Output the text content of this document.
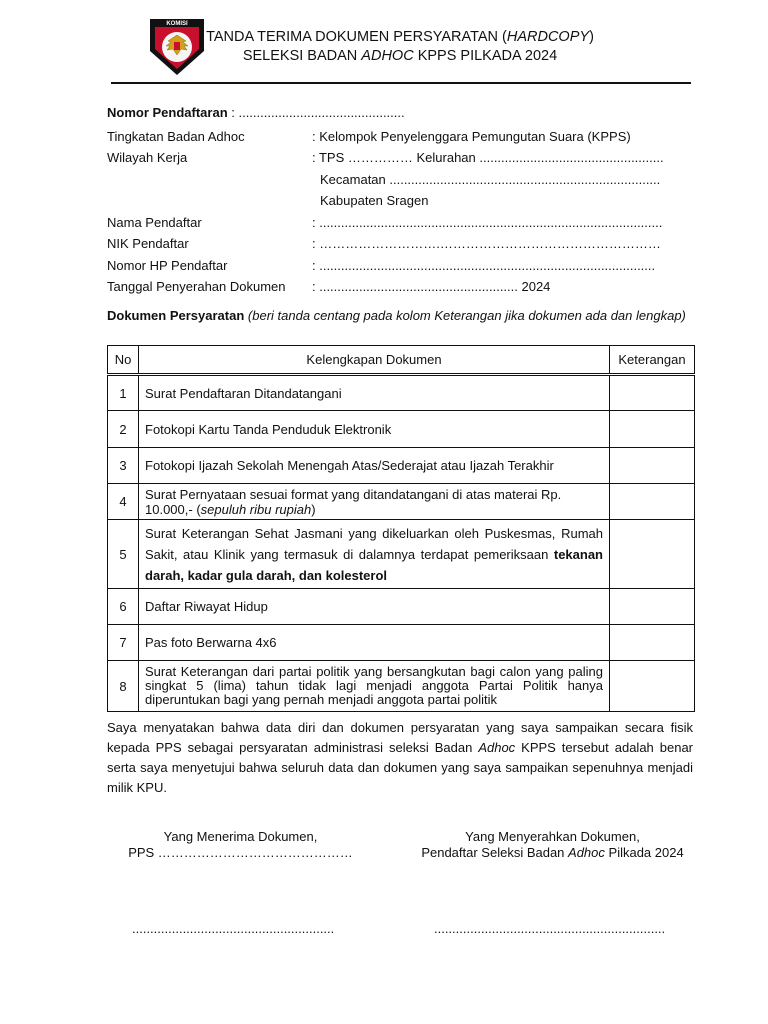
KOMISI
TANDA TERIMA DOKUMEN PERSYARATAN (HARDCOPY)
SELEKSI BADAN ADHOC KPPS PILKADA 2024
Nomor Pendaftaran : ..............................................
Tingkatan Badan Adhoc	: Kelompok Penyelenggara Pemungutan Suara (KPPS)
Wilayah Kerja	: TPS …………… Kelurahan ...................................................
Kecamatan ...........................................................................
Kabupaten Sragen
Nama Pendaftar	: ...............................................................................................
NIK Pendaftar	: ……………………….……………………………………………
Nomor HP Pendaftar	: .............................................................................................
Tanggal Penyerahan Dokumen : ....................................................... 2024
Dokumen Persyaratan (beri tanda centang pada kolom Keterangan jika dokumen ada dan lengkap)
No	Kelengkapan Dokumen	Keterangan
1	Surat Pendaftaran Ditandatangani	
2	Fotokopi Kartu Tanda Penduduk Elektronik	
3	Fotokopi Ijazah Sekolah Menengah Atas/Sederajat atau Ijazah Terakhir	
4	Surat Pernyataan sesuai format yang ditandatangani di atas materai Rp. 10.000,- (sepuluh ribu rupiah)	
5	Surat Keterangan Sehat Jasmani yang dikeluarkan oleh Puskesmas, Rumah Sakit, atau Klinik yang termasuk di dalamnya terdapat pemeriksaan tekanan darah, kadar gula darah, dan kolesterol	
6	Daftar Riwayat Hidup	
7	Pas foto Berwarna 4x6	
8	Surat Keterangan dari partai politik yang bersangkutan bagi calon yang paling singkat 5 (lima) tahun tidak lagi menjadi anggota Partai Politik hanya diperuntukan bagi yang pernah menjadi anggota partai politik	
Saya menyatakan bahwa data diri dan dokumen persyaratan yang saya sampaikan secara fisik kepada PPS sebagai persyaratan administrasi seleksi Badan Adhoc KPPS tersebut adalah benar serta saya menyetujui bahwa seluruh data dan dokumen yang saya sampaikan sepenuhnya menjadi milik KPU.
Yang Menerima Dokumen,
PPS ………………………………………
Yang Menyerahkan Dokumen,
Pendaftar Seleksi Badan Adhoc Pilkada 2024
........................................................	................................................................
